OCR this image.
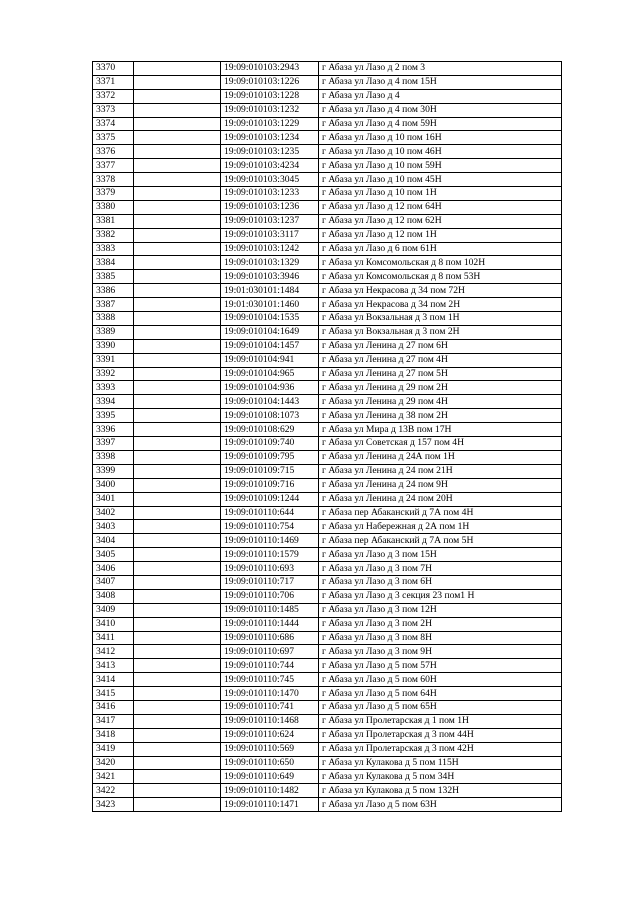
3370		19:09:010103:2943	г Абаза ул Лазо д 2 пом 3
3371		19:09:010103:1226	г Абаза ул Лазо д 4 пом 15Н
3372		19:09:010103:1228	г Абаза ул Лазо д 4
3373		19:09:010103:1232	г Абаза ул Лазо д 4 пом 30Н
3374		19:09:010103:1229	г Абаза ул Лазо д 4 пом 59Н
3375		19:09:010103:1234	г Абаза ул Лазо д 10 пом 16Н
3376		19:09:010103:1235	г Абаза ул Лазо д 10 пом 46Н
3377		19:09:010103:4234	г Абаза ул Лазо д 10 пом 59Н
3378		19:09:010103:3045	г Абаза ул Лазо д 10 пом 45Н
3379		19:09:010103:1233	г Абаза ул Лазо д 10 пом 1Н
3380		19:09:010103:1236	г Абаза ул Лазо д 12 пом 64Н
3381		19:09:010103:1237	г Абаза ул Лазо д 12 пом 62Н
3382		19:09:010103:3117	г Абаза ул Лазо д 12 пом 1Н
3383		19:09:010103:1242	г Абаза ул Лазо д 6 пом 61Н
3384		19:09:010103:1329	г Абаза ул Комсомольская д 8 пом 102Н
3385		19:09:010103:3946	г Абаза ул Комсомольская д 8 пом 53Н
3386		19:01:030101:1484	г Абаза ул Некрасова д 34 пом 72Н
3387		19:01:030101:1460	г Абаза ул Некрасова д 34 пом 2Н
3388		19:09:010104:1535	г Абаза ул Вокзальная д 3 пом 1Н
3389		19:09:010104:1649	г Абаза ул Вокзальная д 3 пом 2Н
3390		19:09:010104:1457	г Абаза ул Ленина д 27 пом 6Н
3391		19:09:010104:941	г Абаза ул Ленина д 27 пом 4Н
3392		19:09:010104:965	г Абаза ул Ленина д 27 пом 5Н
3393		19:09:010104:936	г Абаза ул Ленина д 29 пом 2Н
3394		19:09:010104:1443	г Абаза ул Ленина д 29 пом 4Н
3395		19:09:010108:1073	г Абаза ул Ленина д 38 пом 2Н
3396		19:09:010108:629	г Абаза ул Мира д 13В пом 17Н
3397		19:09:010109:740	г Абаза ул Советская д 157 пом 4Н
3398		19:09:010109:795	г Абаза ул Ленина д 24А пом 1Н
3399		19:09:010109:715	г Абаза ул Ленина д 24 пом 21Н
3400		19:09:010109:716	г Абаза ул Ленина д 24 пом 9Н
3401		19:09:010109:1244	г Абаза ул Ленина д 24 пом 20Н
3402		19:09:010110:644	г Абаза пер Абаканский д 7А пом 4Н
3403		19:09:010110:754	г Абаза ул Набережная д 2А пом 1Н
3404		19:09:010110:1469	г Абаза пер Абаканский д 7А пом 5Н
3405		19:09:010110:1579	г Абаза ул Лазо д 3 пом 15Н
3406		19:09:010110:693	г Абаза ул Лазо д 3 пом 7Н
3407		19:09:010110:717	г Абаза ул Лазо д 3 пом 6Н
3408		19:09:010110:706	г Абаза ул Лазо д 3 секция 23 пом1 Н
3409		19:09:010110:1485	г Абаза ул Лазо д 3 пом 12Н
3410		19:09:010110:1444	г Абаза ул Лазо д 3 пом 2Н
3411		19:09:010110:686	г Абаза ул Лазо д 3 пом 8Н
3412		19:09:010110:697	г Абаза ул Лазо д 3 пом 9Н
3413		19:09:010110:744	г Абаза ул Лазо д 5 пом 57Н
3414		19:09:010110:745	г Абаза ул Лазо д 5 пом 60Н
3415		19:09:010110:1470	г Абаза ул Лазо д 5 пом 64Н
3416		19:09:010110:741	г Абаза ул Лазо д 5 пом 65Н
3417		19:09:010110:1468	г Абаза ул Пролетарская д 1 пом 1Н
3418		19:09:010110:624	г Абаза ул Пролетарская д 3 пом 44Н
3419		19:09:010110:569	г Абаза ул Пролетарская д 3 пом 42Н
3420		19:09:010110:650	г Абаза ул Кулакова д 5 пом 115Н
3421		19:09:010110:649	г Абаза ул Кулакова д 5 пом 34Н
3422		19:09:010110:1482	г Абаза ул Кулакова д 5 пом 132Н
3423		19:09:010110:1471	г Абаза ул Лазо д 5 пом 63Н
